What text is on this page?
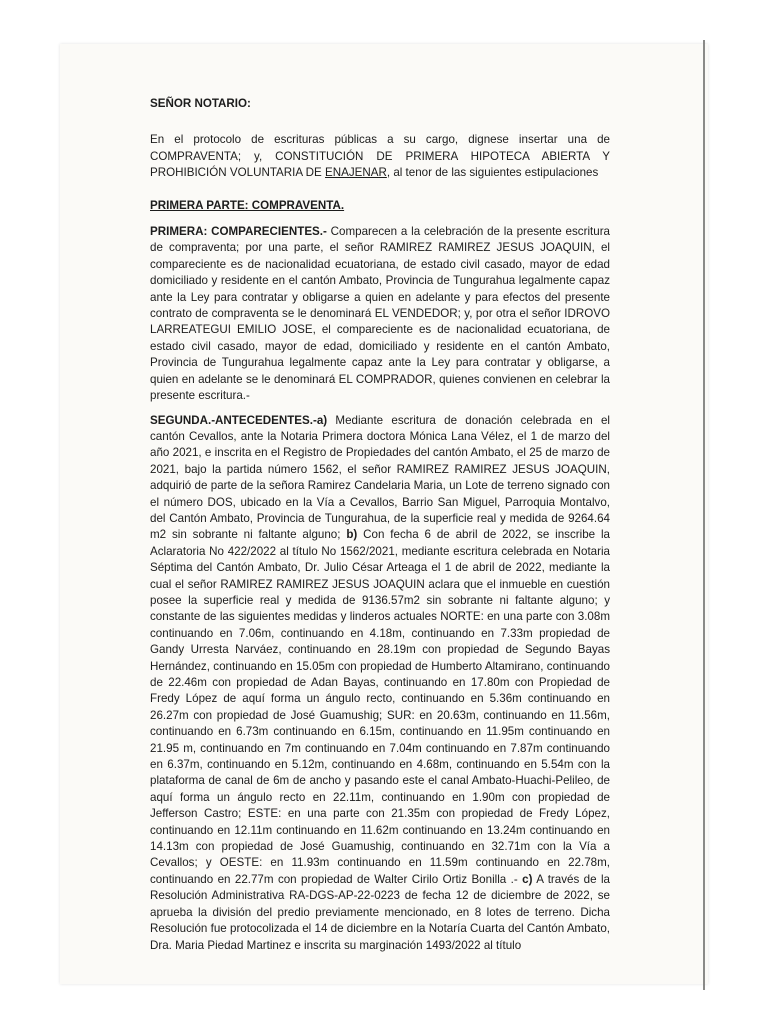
SEÑOR NOTARIO:

En el protocolo de escrituras públicas a su cargo, dignese insertar una de COMPRAVENTA; y, CONSTITUCIÓN DE PRIMERA HIPOTECA ABIERTA Y PROHIBICIÓN VOLUNTARIA DE ENAJENAR, al tenor de las siguientes estipulaciones

PRIMERA PARTE: COMPRAVENTA.

PRIMERA: COMPARECIENTES.- Comparecen a la celebración de la presente escritura de compraventa; por una parte, el señor RAMIREZ RAMIREZ JESUS JOAQUIN, el compareciente es de nacionalidad ecuatoriana, de estado civil casado, mayor de edad domiciliado y residente en el cantón Ambato, Provincia de Tungurahua legalmente capaz ante la Ley para contratar y obligarse a quien en adelante y para efectos del presente contrato de compraventa se le denominará EL VENDEDOR; y, por otra el señor IDROVO LARREATEGUI EMILIO JOSE, el compareciente es de nacionalidad ecuatoriana, de estado civil casado, mayor de edad, domiciliado y residente en el cantón Ambato, Provincia de Tungurahua legalmente capaz ante la Ley para contratar y obligarse, a quien en adelante se le denominará EL COMPRADOR, quienes convienen en celebrar la presente escritura.-

SEGUNDA.-ANTECEDENTES.-a) Mediante escritura de donación celebrada en el cantón Cevallos, ante la Notaria Primera doctora Mónica Lana Vélez, el 1 de marzo del año 2021, e inscrita en el Registro de Propiedades del cantón Ambato, el 25 de marzo de 2021, bajo la partida número 1562, el señor RAMIREZ RAMIREZ JESUS JOAQUIN, adquirió de parte de la señora Ramirez Candelaria Maria, un Lote de terreno signado con el número DOS, ubicado en la Vía a Cevallos, Barrio San Miguel, Parroquia Montalvo, del Cantón Ambato, Provincia de Tungurahua, de la superficie real y medida de 9264.64 m2 sin sobrante ni faltante alguno; b) Con fecha 6 de abril de 2022, se inscribe la Aclaratoria No 422/2022 al título No 1562/2021, mediante escritura celebrada en Notaria Séptima del Cantón Ambato, Dr. Julio César Arteaga el 1 de abril de 2022, mediante la cual el señor RAMIREZ RAMIREZ JESUS JOAQUIN aclara que el inmueble en cuestión posee la superficie real y medida de 9136.57m2 sin sobrante ni faltante alguno; y constante de las siguientes medidas y linderos actuales NORTE: en una parte con 3.08m continuando en 7.06m, continuando en 4.18m, continuando en 7.33m propiedad de Gandy Urresta Narváez, continuando en 28.19m con propiedad de Segundo Bayas Hernández, continuando en 15.05m con propiedad de Humberto Altamirano, continuando de 22.46m con propiedad de Adan Bayas, continuando en 17.80m con Propiedad de Fredy López de aquí forma un ángulo recto, continuando en 5.36m continuando en 26.27m con propiedad de José Guamushig; SUR: en 20.63m, continuando en 11.56m, continuando en 6.73m continuando en 6.15m, continuando en 11.95m continuando en 21.95 m, continuando en 7m continuando en 7.04m continuando en 7.87m continuando en 6.37m, continuando en 5.12m, continuando en 4.68m, continuando en 5.54m con la plataforma de canal de 6m de ancho y pasando este el canal Ambato-Huachi-Pelileo, de aquí forma un ángulo recto en 22.11m, continuando en 1.90m con propiedad de Jefferson Castro; ESTE: en una parte con 21.35m con propiedad de Fredy López, continuando en 12.11m continuando en 11.62m continuando en 13.24m continuando en 14.13m con propiedad de José Guamushig, continuando en 32.71m con la Vía a Cevallos; y OESTE: en 11.93m continuando en 11.59m continuando en 22.78m, continuando en 22.77m con propiedad de Walter Cirilo Ortiz Bonilla .- c) A través de la Resolución Administrativa RA-DGS-AP-22-0223 de fecha 12 de diciembre de 2022, se aprueba la división del predio previamente mencionado, en 8 lotes de terreno. Dicha Resolución fue protocolizada el 14 de diciembre en la Notaría Cuarta del Cantón Ambato, Dra. Maria Piedad Martinez e inscrita su marginación 1493/2022 al título
